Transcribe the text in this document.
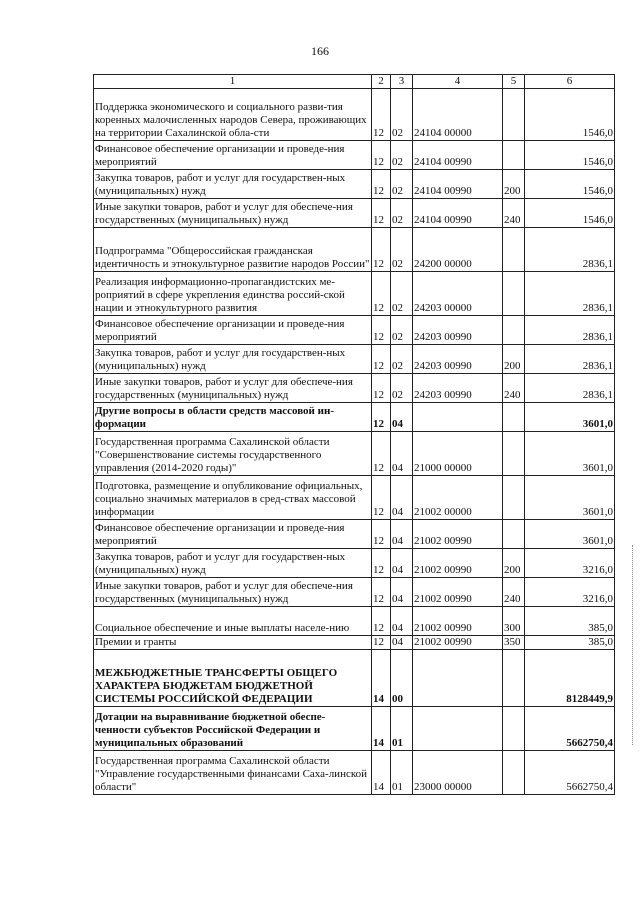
166
1	2	3	4	5	6
Поддержка экономического и социального разви-тия коренных малочисленных народов Севера, проживающих на территории Сахалинской обла-сти	12	02	24104 00000		1546,0
Финансовое обеспечение организации и проведе-ния мероприятий	12	02	24104 00990		1546,0
Закупка товаров, работ и услуг для государствен-ных (муниципальных) нужд	12	02	24104 00990	200	1546,0
Иные закупки товаров, работ и услуг для обеспече-ния государственных (муниципальных) нужд	12	02	24104 00990	240	1546,0
Подпрограмма "Общероссийская гражданская идентичность и этнокультурное развитие народов России"	12	02	24200 00000		2836,1
Реализация информационно-пропагандистских ме-роприятий в сфере укрепления единства россий-ской нации и этнокультурного развития	12	02	24203 00000		2836,1
Финансовое обеспечение организации и проведе-ния мероприятий	12	02	24203 00990		2836,1
Закупка товаров, работ и услуг для государствен-ных (муниципальных) нужд	12	02	24203 00990	200	2836,1
Иные закупки товаров, работ и услуг для обеспече-ния государственных (муниципальных) нужд	12	02	24203 00990	240	2836,1
Другие вопросы в области средств массовой ин-формации	12	04			3601,0
Государственная программа Сахалинской области "Совершенствование системы государственного управления (2014-2020 годы)"	12	04	21000 00000		3601,0
Подготовка, размещение и опубликование официальных, социально значимых материалов в сред-ствах массовой информации	12	04	21002 00000		3601,0
Финансовое обеспечение организации и проведе-ния мероприятий	12	04	21002 00990		3601,0
Закупка товаров, работ и услуг для государствен-ных (муниципальных) нужд	12	04	21002 00990	200	3216,0
Иные закупки товаров, работ и услуг для обеспече-ния государственных (муниципальных) нужд	12	04	21002 00990	240	3216,0
Социальное обеспечение и иные выплаты населе-нию	12	04	21002 00990	300	385,0
Премии и гранты	12	04	21002 00990	350	385,0
МЕЖБЮДЖЕТНЫЕ ТРАНСФЕРТЫ ОБЩЕГО ХАРАКТЕРА БЮДЖЕТАМ БЮДЖЕТНОЙ СИСТЕМЫ РОССИЙСКОЙ ФЕДЕРАЦИИ	14	00			8128449,9
Дотации на выравнивание бюджетной обеспе-ченности субъектов Российской Федерации и муниципальных образований	14	01			5662750,4
Государственная программа Сахалинской области "Управление государственными финансами Саха-линской области"	14	01	23000 00000		5662750,4
